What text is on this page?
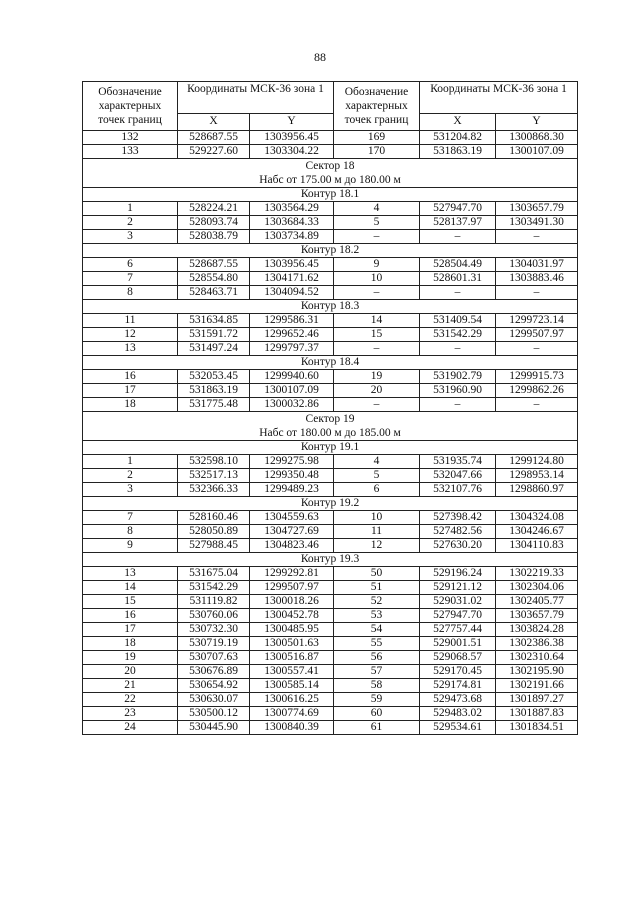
88
Обозначение характерных точек границ	Координаты МСК-36 зона 1		Обозначение характерных точек границ	Координаты МСК-36 зона 1	
	X	Y		X	Y
132	528687.55	1303956.45	169	531204.82	1300868.30
133	529227.60	1303304.22	170	531863.19	1300107.09

Сектор 18
Набс от 175.00 м до 180.00 м					

Контур 18.1					
1	528224.21	1303564.29	4	527947.70	1303657.79
2	528093.74	1303684.33	5	528137.97	1303491.30
3	528038.79	1303734.89	–	–	–
Контур 18.2					
6	528687.55	1303956.45	9	528504.49	1304031.97
7	528554.80	1304171.62	10	528601.31	1303883.46
8	528463.71	1304094.52	–	–	–
Контур 18.3					
11	531634.85	1299586.31	14	531409.54	1299723.14
12	531591.72	1299652.46	15	531542.29	1299507.97
13	531497.24	1299797.37	–	–	–
Контур 18.4					
16	532053.45	1299940.60	19	531902.79	1299915.73
17	531863.19	1300107.09	20	531960.90	1299862.26
18	531775.48	1300032.86	–	–	–

Сектор 19
Набс от 180.00 м до 185.00 м					

Контур 19.1					
1	532598.10	1299275.98	4	531935.74	1299124.80
2	532517.13	1299350.48	5	532047.66	1298953.14
3	532366.33	1299489.23	6	532107.76	1298860.97
Контур 19.2					
7	528160.46	1304559.63	10	527398.42	1304324.08
8	528050.89	1304727.69	11	527482.56	1304246.67
9	527988.45	1304823.46	12	527630.20	1304110.83
Контур 19.3					
13	531675.04	1299292.81	50	529196.24	1302219.33
14	531542.29	1299507.97	51	529121.12	1302304.06
15	531119.82	1300018.26	52	529031.02	1302405.77
16	530760.06	1300452.78	53	527947.70	1303657.79
17	530732.30	1300485.95	54	527757.44	1303824.28
18	530719.19	1300501.63	55	529001.51	1302386.38
19	530707.63	1300516.87	56	529068.57	1302310.64
20	530676.89	1300557.41	57	529170.45	1302195.90
21	530654.92	1300585.14	58	529174.81	1302191.66
22	530630.07	1300616.25	59	529473.68	1301897.27
23	530500.12	1300774.69	60	529483.02	1301887.83
24	530445.90	1300840.39	61	529534.61	1301834.51
